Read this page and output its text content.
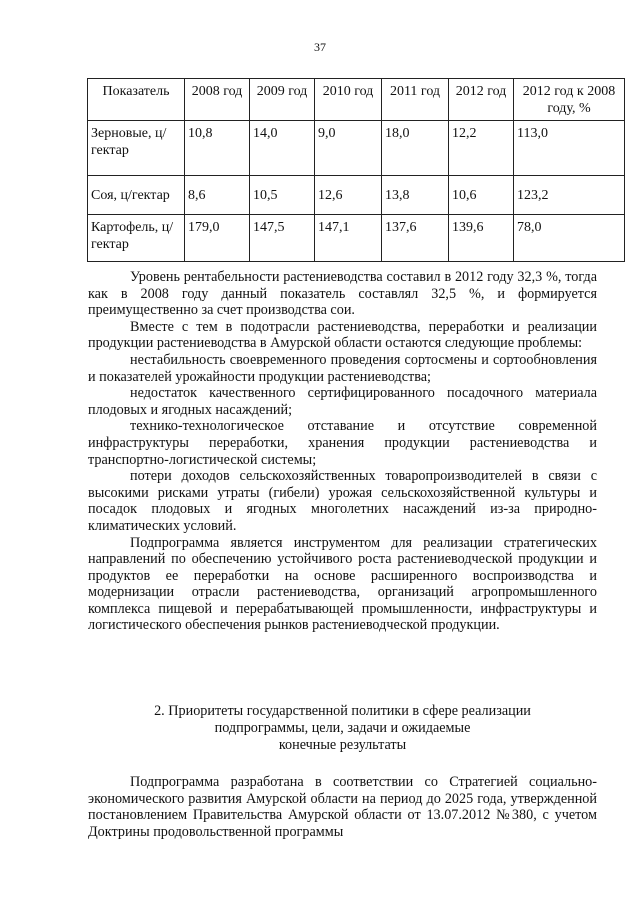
37
Показатель	2008 год	2009 год	2010 год	2011 год	2012 год	2012 год к 2008 году, %
Зерновые, ц/гектар	10,8	14,0	9,0	18,0	12,2	113,0
Соя, ц/гектар	8,6	10,5	12,6	13,8	10,6	123,2
Картофель, ц/гектар	179,0	147,5	147,1	137,6	139,6	78,0

Уровень рентабельности растениеводства составил в 2012 году 32,3 %, тогда как в 2008 году данный показатель составлял 32,5 %, и формируется преимущественно за счет производства сои.

Вместе с тем в подотрасли растениеводства, переработки и реализации продукции растениеводства в Амурской области остаются следующие проблемы:

нестабильность своевременного проведения сортосмены и сортообновления и показателей урожайности продукции растениеводства;

недостаток качественного сертифицированного посадочного материала плодовых и ягодных насаждений;

технико-технологическое отставание и отсутствие современной инфраструктуры переработки, хранения продукции растениеводства и транспортно-логистической системы;

потери доходов сельскохозяйственных товаропроизводителей в связи с высокими рисками утраты (гибели) урожая сельскохозяйственной культуры и посадок плодовых и ягодных многолетних насаждений из-за природно-климатических условий.

Подпрограмма является инструментом для реализации стратегических направлений по обеспечению устойчивого роста растениеводческой продукции и продуктов ее переработки на основе расширенного воспроизводства и модернизации отрасли растениеводства, организаций агропромышленного комплекса пищевой и перерабатывающей промышленности, инфраструктуры и логистического обеспечения рынков растениеводческой продукции.

2. Приоритеты государственной политики в сфере реализации
подпрограммы, цели, задачи и ожидаемые
конечные результаты

Подпрограмма разработана в соответствии со Стратегией социально-экономического развития Амурской области на период до 2025 года, утвержденной постановлением Правительства Амурской области от 13.07.2012 №380, с учетом Доктрины продовольственной программы
